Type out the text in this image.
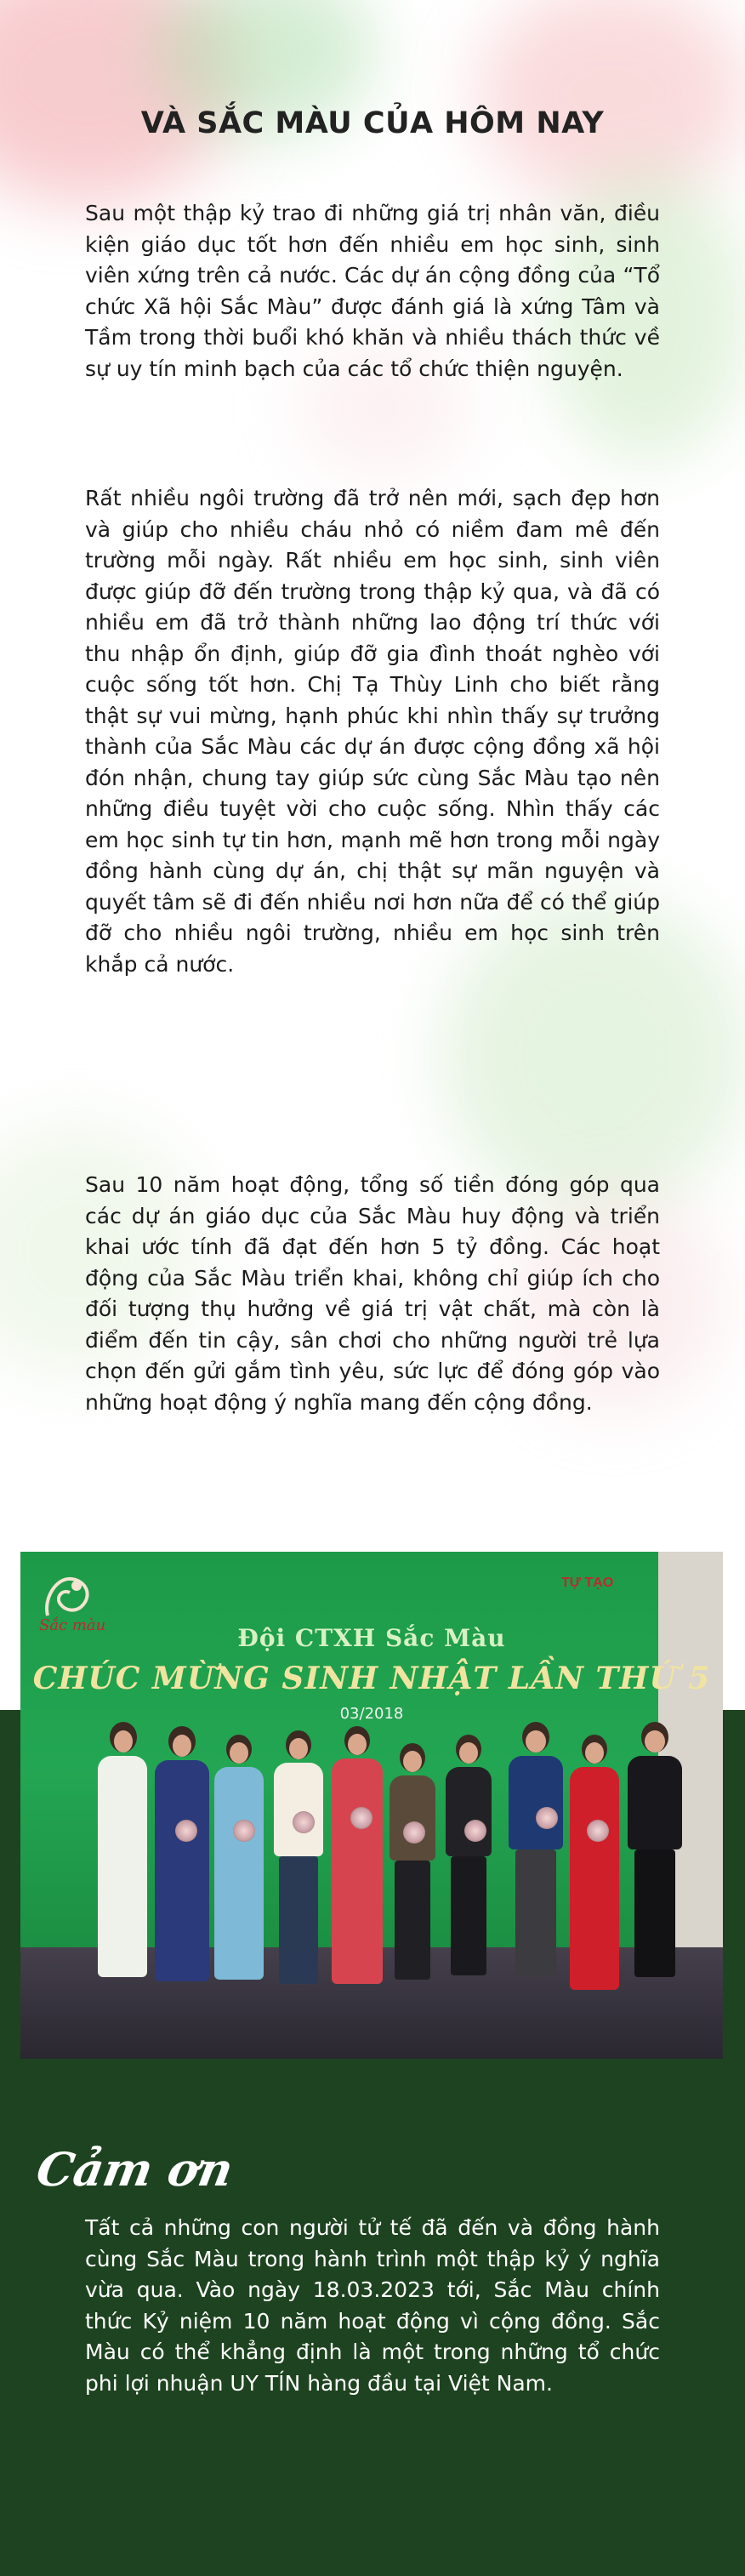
VÀ SẮC MÀU CỦA HÔM NAY

Sau một thập kỷ trao đi những giá trị nhân văn, điều kiện giáo dục tốt hơn đến nhiều em học sinh, sinh viên xứng trên cả nước. Các dự án cộng đồng của “Tổ chức Xã hội Sắc Màu” được đánh giá là xứng Tâm và Tầm trong thời buổi khó khăn và nhiều thách thức về sự uy tín minh bạch của các tổ chức thiện nguyện.

Rất nhiều ngôi trường đã trở nên mới, sạch đẹp hơn và giúp cho nhiều cháu nhỏ có niềm đam mê đến trường mỗi ngày. Rất nhiều em học sinh, sinh viên được giúp đỡ đến trường trong thập kỷ qua, và đã có nhiều em đã trở thành những lao động trí thức với thu nhập ổn định, giúp đỡ gia đình thoát nghèo với cuộc sống tốt hơn. Chị Tạ Thùy Linh cho biết rằng thật sự vui mừng, hạnh phúc khi nhìn thấy sự trưởng thành của Sắc Màu các dự án được cộng đồng xã hội đón nhận, chung tay giúp sức cùng Sắc Màu tạo nên những điều tuyệt vời cho cuộc sống. Nhìn thấy các em học sinh tự tin hơn, mạnh mẽ hơn trong mỗi ngày đồng hành cùng dự án, chị thật sự mãn nguyện và quyết tâm sẽ đi đến nhiều nơi hơn nữa để có thể giúp đỡ cho nhiều ngôi trường, nhiều em học sinh trên khắp cả nước.

Sau 10 năm hoạt động, tổng số tiền đóng góp qua các dự án giáo dục của Sắc Màu huy động và triển khai ước tính đã đạt đến hơn 5 tỷ đồng. Các hoạt động của Sắc Màu triển khai, không chỉ giúp ích cho đối tượng thụ hưởng về giá trị vật chất, mà còn là điểm đến tin cậy, sân chơi cho những người trẻ lựa chọn đến gửi gắm tình yêu, sức lực để đóng góp vào những hoạt động ý nghĩa mang đến cộng đồng.

Sắc màu
TỰ TẠO
Đội CTXH Sắc Màu
CHÚC MỪNG SINH NHẬT LẦN THỨ 5
03/2018
Cảm ơn

Tất cả những con người tử tế đã đến và đồng hành cùng Sắc Màu trong hành trình một thập kỷ ý nghĩa vừa qua. Vào ngày 18.03.2023 tới, Sắc Màu chính thức Kỷ niệm 10 năm hoạt động vì cộng đồng. Sắc Màu có thể khẳng định là một trong những tổ chức phi lợi nhuận UY TÍN hàng đầu tại Việt Nam.
